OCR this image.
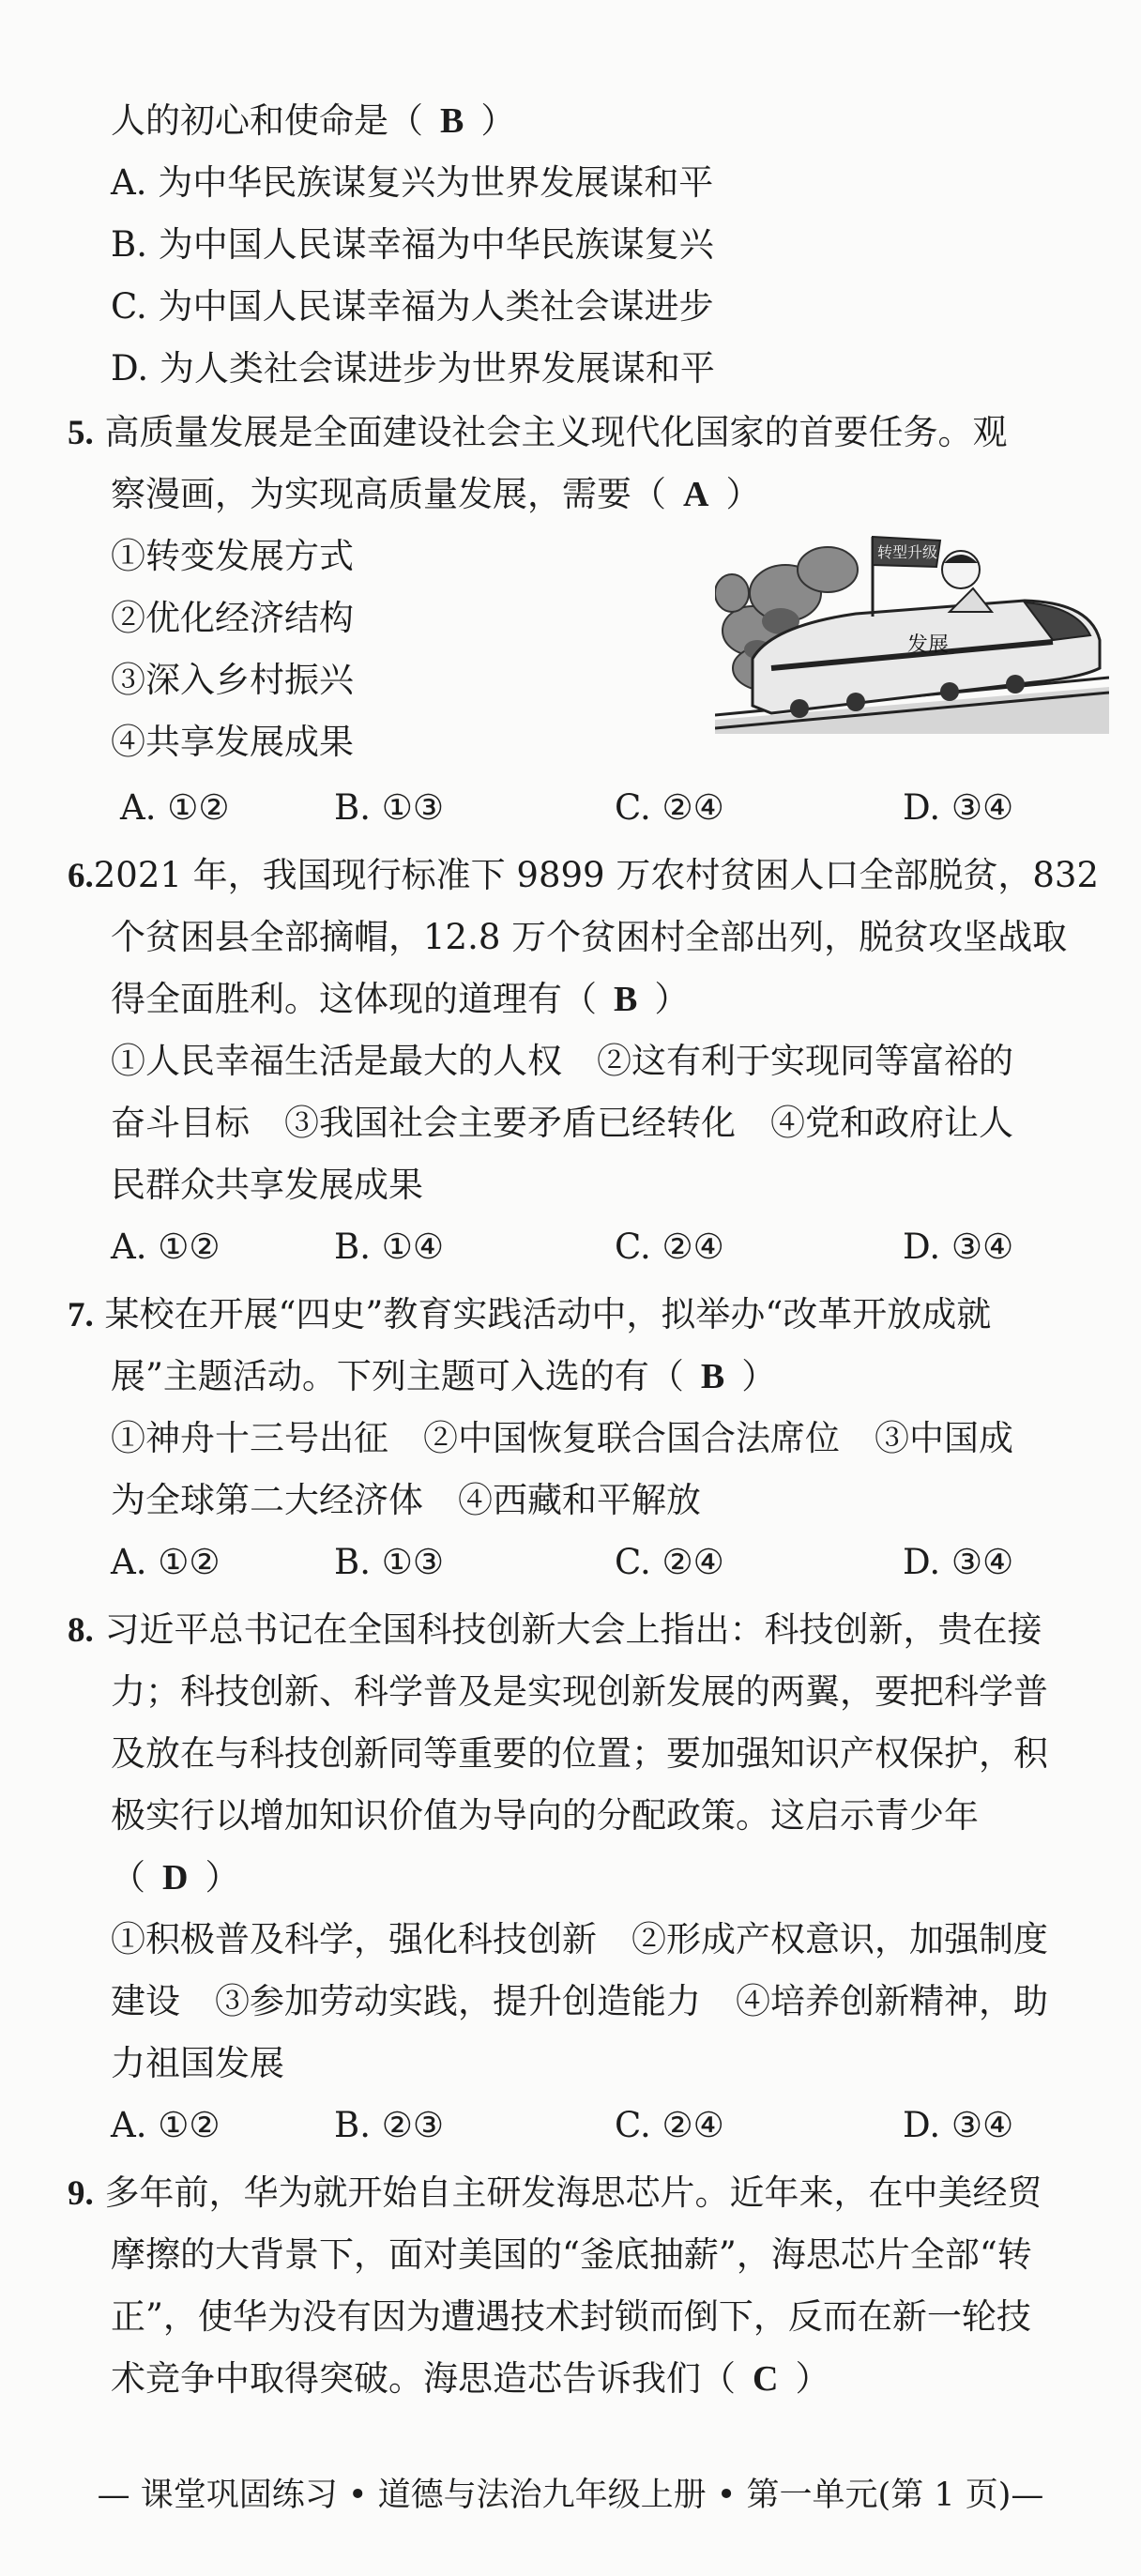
人的初心和使命是（ B ）
A. 为中华民族谋复兴为世界发展谋和平
B. 为中国人民谋幸福为中华民族谋复兴
C. 为中国人民谋幸福为人类社会谋进步
D. 为人类社会谋进步为世界发展谋和平
5. 高质量发展是全面建设社会主义现代化国家的首要任务。观
察漫画，为实现高质量发展，需要（ A ）
①转变发展方式
②优化经济结构
③深入乡村振兴
④共享发展成果
转型升级
发展
A. ①②	B. ①③	C. ②④	D. ③④
6.2021 年，我国现行标准下 9899 万农村贫困人口全部脱贫，832
个贫困县全部摘帽，12.8 万个贫困村全部出列，脱贫攻坚战取
得全面胜利。这体现的道理有（ B ）
①人民幸福生活是最大的人权　②这有利于实现同等富裕的
奋斗目标　③我国社会主要矛盾已经转化　④党和政府让人
民群众共享发展成果
A. ①②	B. ①④	C. ②④	D. ③④
7. 某校在开展“四史”教育实践活动中，拟举办“改革开放成就
展”主题活动。下列主题可入选的有（ B ）
①神舟十三号出征　②中国恢复联合国合法席位　③中国成
为全球第二大经济体　④西藏和平解放
A. ①②	B. ①③	C. ②④	D. ③④
8. 习近平总书记在全国科技创新大会上指出：科技创新，贵在接
力；科技创新、科学普及是实现创新发展的两翼，要把科学普
及放在与科技创新同等重要的位置；要加强知识产权保护，积
极实行以增加知识价值为导向的分配政策。这启示青少年
（ D ）
①积极普及科学，强化科技创新　②形成产权意识，加强制度
建设　③参加劳动实践，提升创造能力　④培养创新精神，助
力祖国发展
A. ①②	B. ②③	C. ②④	D. ③④
9. 多年前，华为就开始自主研发海思芯片。近年来，在中美经贸
摩擦的大背景下，面对美国的“釜底抽薪”，海思芯片全部“转
正”，使华为没有因为遭遇技术封锁而倒下，反而在新一轮技
术竞争中取得突破。海思造芯告诉我们（ C ）
— 课堂巩固练习 • 道德与法治九年级上册 • 第一单元(第 1 页)—
